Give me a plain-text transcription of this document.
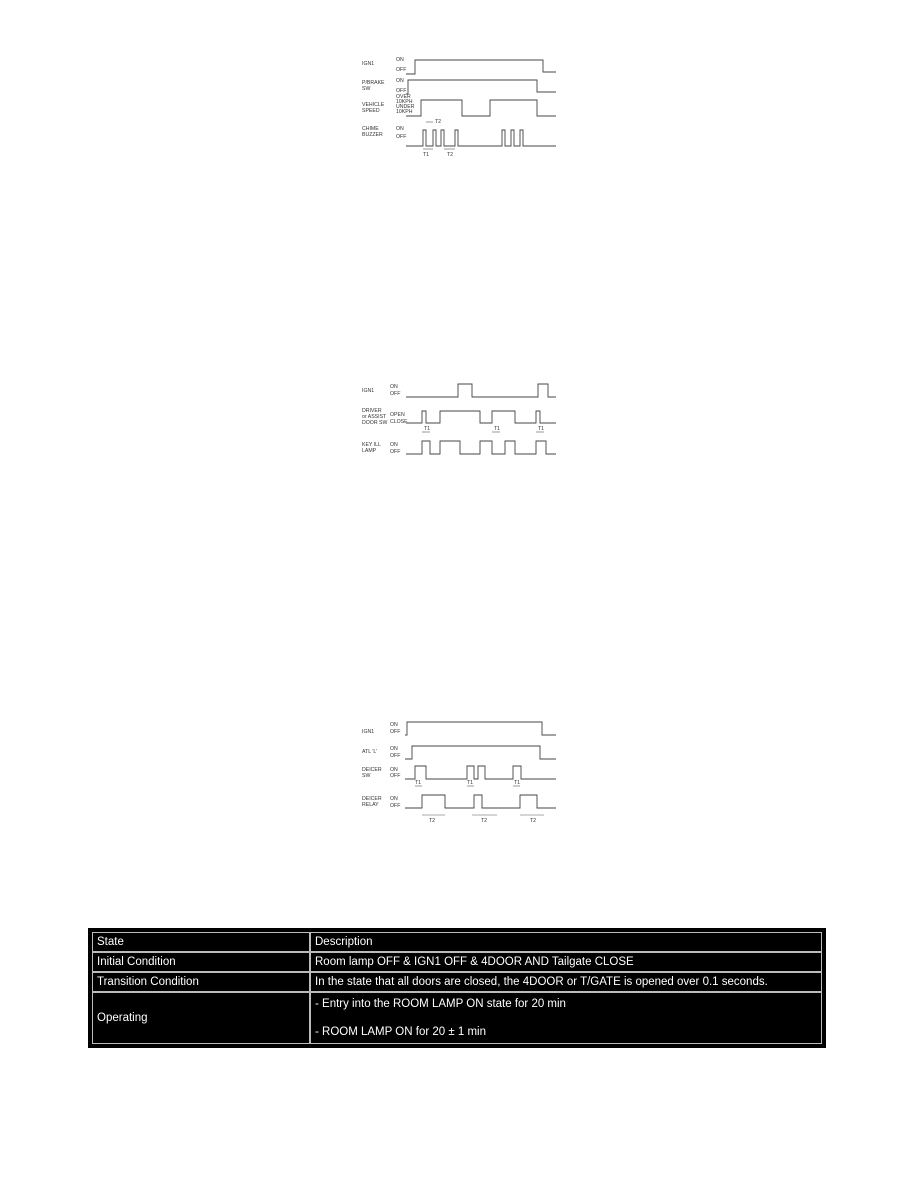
IGN1
ON
OFF
P/BRAKE
SW
ON
OFF
VEHICLE
SPEED
OVER
10KPH
UNDER
10KPH
CHIME
BUZZER
ON
OFF
T2
T1	T2
IGN1
ON
OFF
DRIVER
or ASSIST
DOOR SW
OPEN
CLOSE
KEY ILL
LAMP
ON
OFF
T1	T1	T1
IGN1
ON
OFF
ATL 'L' ON
OFF
DEICER
SW
ON
OFF
DEICER
RELAY
ON
OFF
T1	T1	T1
T2	T2	T2
State	Description
Initial Condition	Room lamp OFF & IGN1 OFF & 4DOOR AND Tailgate CLOSE
Transition Condition	In the state that all doors are closed, the 4DOOR or T/GATE is opened over 0.1 seconds.
Operating	- Entry into the ROOM LAMP ON state for 20 min
- ROOM LAMP ON for 20 ± 1 min
